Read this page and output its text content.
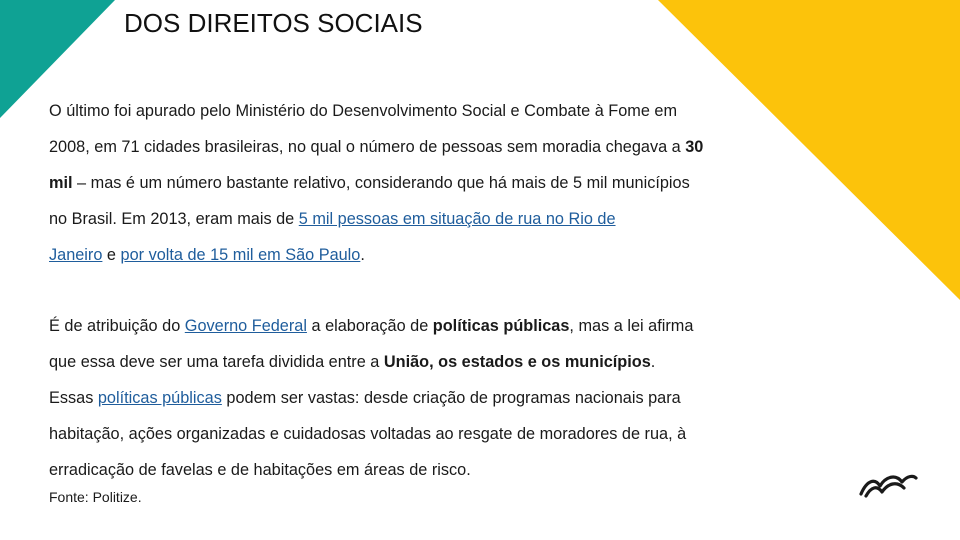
DOS DIREITOS SOCIAIS
O último foi apurado pelo Ministério do Desenvolvimento Social e Combate à Fome em
2008, em 71 cidades brasileiras, no qual o número de pessoas sem moradia chegava a 30
mil – mas é um número bastante relativo, considerando que há mais de 5 mil municípios
no Brasil. Em 2013, eram mais de 5 mil pessoas em situação de rua no Rio de
Janeiro e por volta de 15 mil em São Paulo.
É de atribuição do Governo Federal a elaboração de políticas públicas, mas a lei afirma
que essa deve ser uma tarefa dividida entre a União, os estados e os municípios.
Essas políticas públicas podem ser vastas: desde criação de programas nacionais para
habitação, ações organizadas e cuidadosas voltadas ao resgate de moradores de rua, à
erradicação de favelas e de habitações em áreas de risco.
Fonte: Politize.
